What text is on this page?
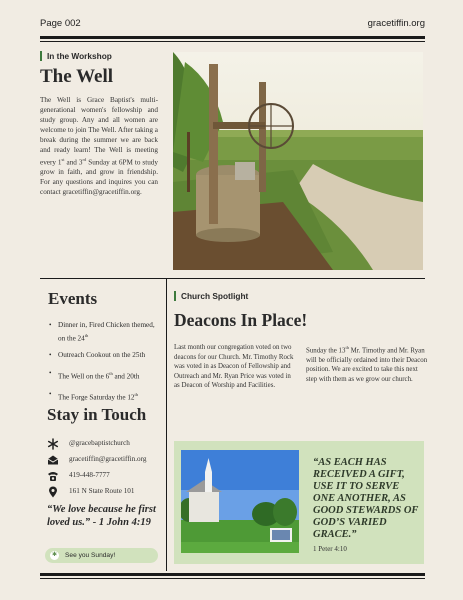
Page 002	gracetiffin.org
In the Workshop
The Well
The Well is Grace Baptist's multi-generational women's fellowship and study group. Any and all women are welcome to join The Well. After taking a break during the summer we are back and ready learn! The Well is meeting every 1st and 3rd Sunday at 6PM to study grow in faith, and grow in friendship. For any questions and inquires you can contact gracetiffin@gracetiffin.org.
Events
• Dinner in, Fired Chicken themed, on the 24th
• Outreach Cookout on the 25th
• The Well on the 6th and 20th
• The Forge Saturday the 12th
Stay in Touch
@gracebaptistchurch
gracetiffin@gracetiffin.org
419-448-7777
161 N State Route 101
“We love because he first loved us.” - 1 John 4:19
✱
See you Sunday!
Church Spotlight
Deacons In Place!
Last month our congregation voted on two deacons for our Church. Mr. Timothy Rock was voted in as Deacon of Fellowship and Outreach and Mr. Ryan Price was voted in as Deacon of Worship and Facilities.
Sunday the 13th Mr. Timothy and Mr. Ryan will be officially ordained into their Deacon position. We are excited to take this next step with them as we grow our church.
“AS EACH HAS RECEIVED A GIFT, USE IT TO SERVE ONE ANOTHER, AS GOOD STEWARDS OF GOD’S VARIED GRACE.”
1 Peter 4:10
